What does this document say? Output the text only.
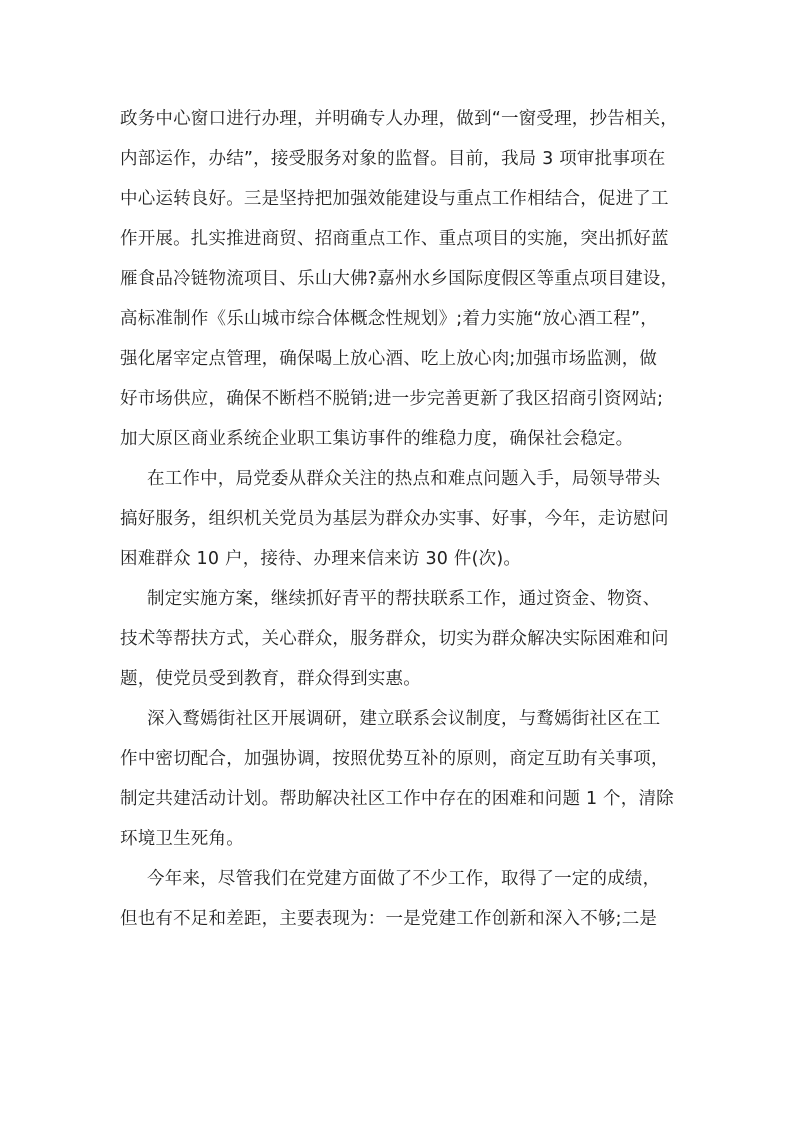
政务中心窗口进行办理，并明确专人办理，做到“一窗受理，抄告相关，
内部运作，办结”，接受服务对象的监督。目前，我局 3 项审批事项在
中心运转良好。三是坚持把加强效能建设与重点工作相结合，促进了工
作开展。扎实推进商贸、招商重点工作、重点项目的实施，突出抓好蓝
雁食品冷链物流项目、乐山大佛?嘉州水乡国际度假区等重点项目建设，
高标准制作《乐山城市综合体概念性规划》;着力实施“放心酒工程”，
强化屠宰定点管理，确保喝上放心酒、吃上放心肉;加强市场监测，做
好市场供应，确保不断档不脱销;进一步完善更新了我区招商引资网站;
加大原区商业系统企业职工集访事件的维稳力度，确保社会稳定。
在工作中，局党委从群众关注的热点和难点问题入手，局领导带头
搞好服务，组织机关党员为基层为群众办实事、好事，今年，走访慰问
困难群众 10 户，接待、办理来信来访 30 件(次)。
制定实施方案，继续抓好青平的帮扶联系工作，通过资金、物资、
技术等帮扶方式，关心群众，服务群众，切实为群众解决实际困难和问
题，使党员受到教育，群众得到实惠。
深入鹜嫣街社区开展调研，建立联系会议制度，与鹜嫣街社区在工
作中密切配合，加强协调，按照优势互补的原则，商定互助有关事项，
制定共建活动计划。帮助解决社区工作中存在的困难和问题 1 个，清除
环境卫生死角。
今年来，尽管我们在党建方面做了不少工作，取得了一定的成绩，
但也有不足和差距，主要表现为：一是党建工作创新和深入不够;二是
